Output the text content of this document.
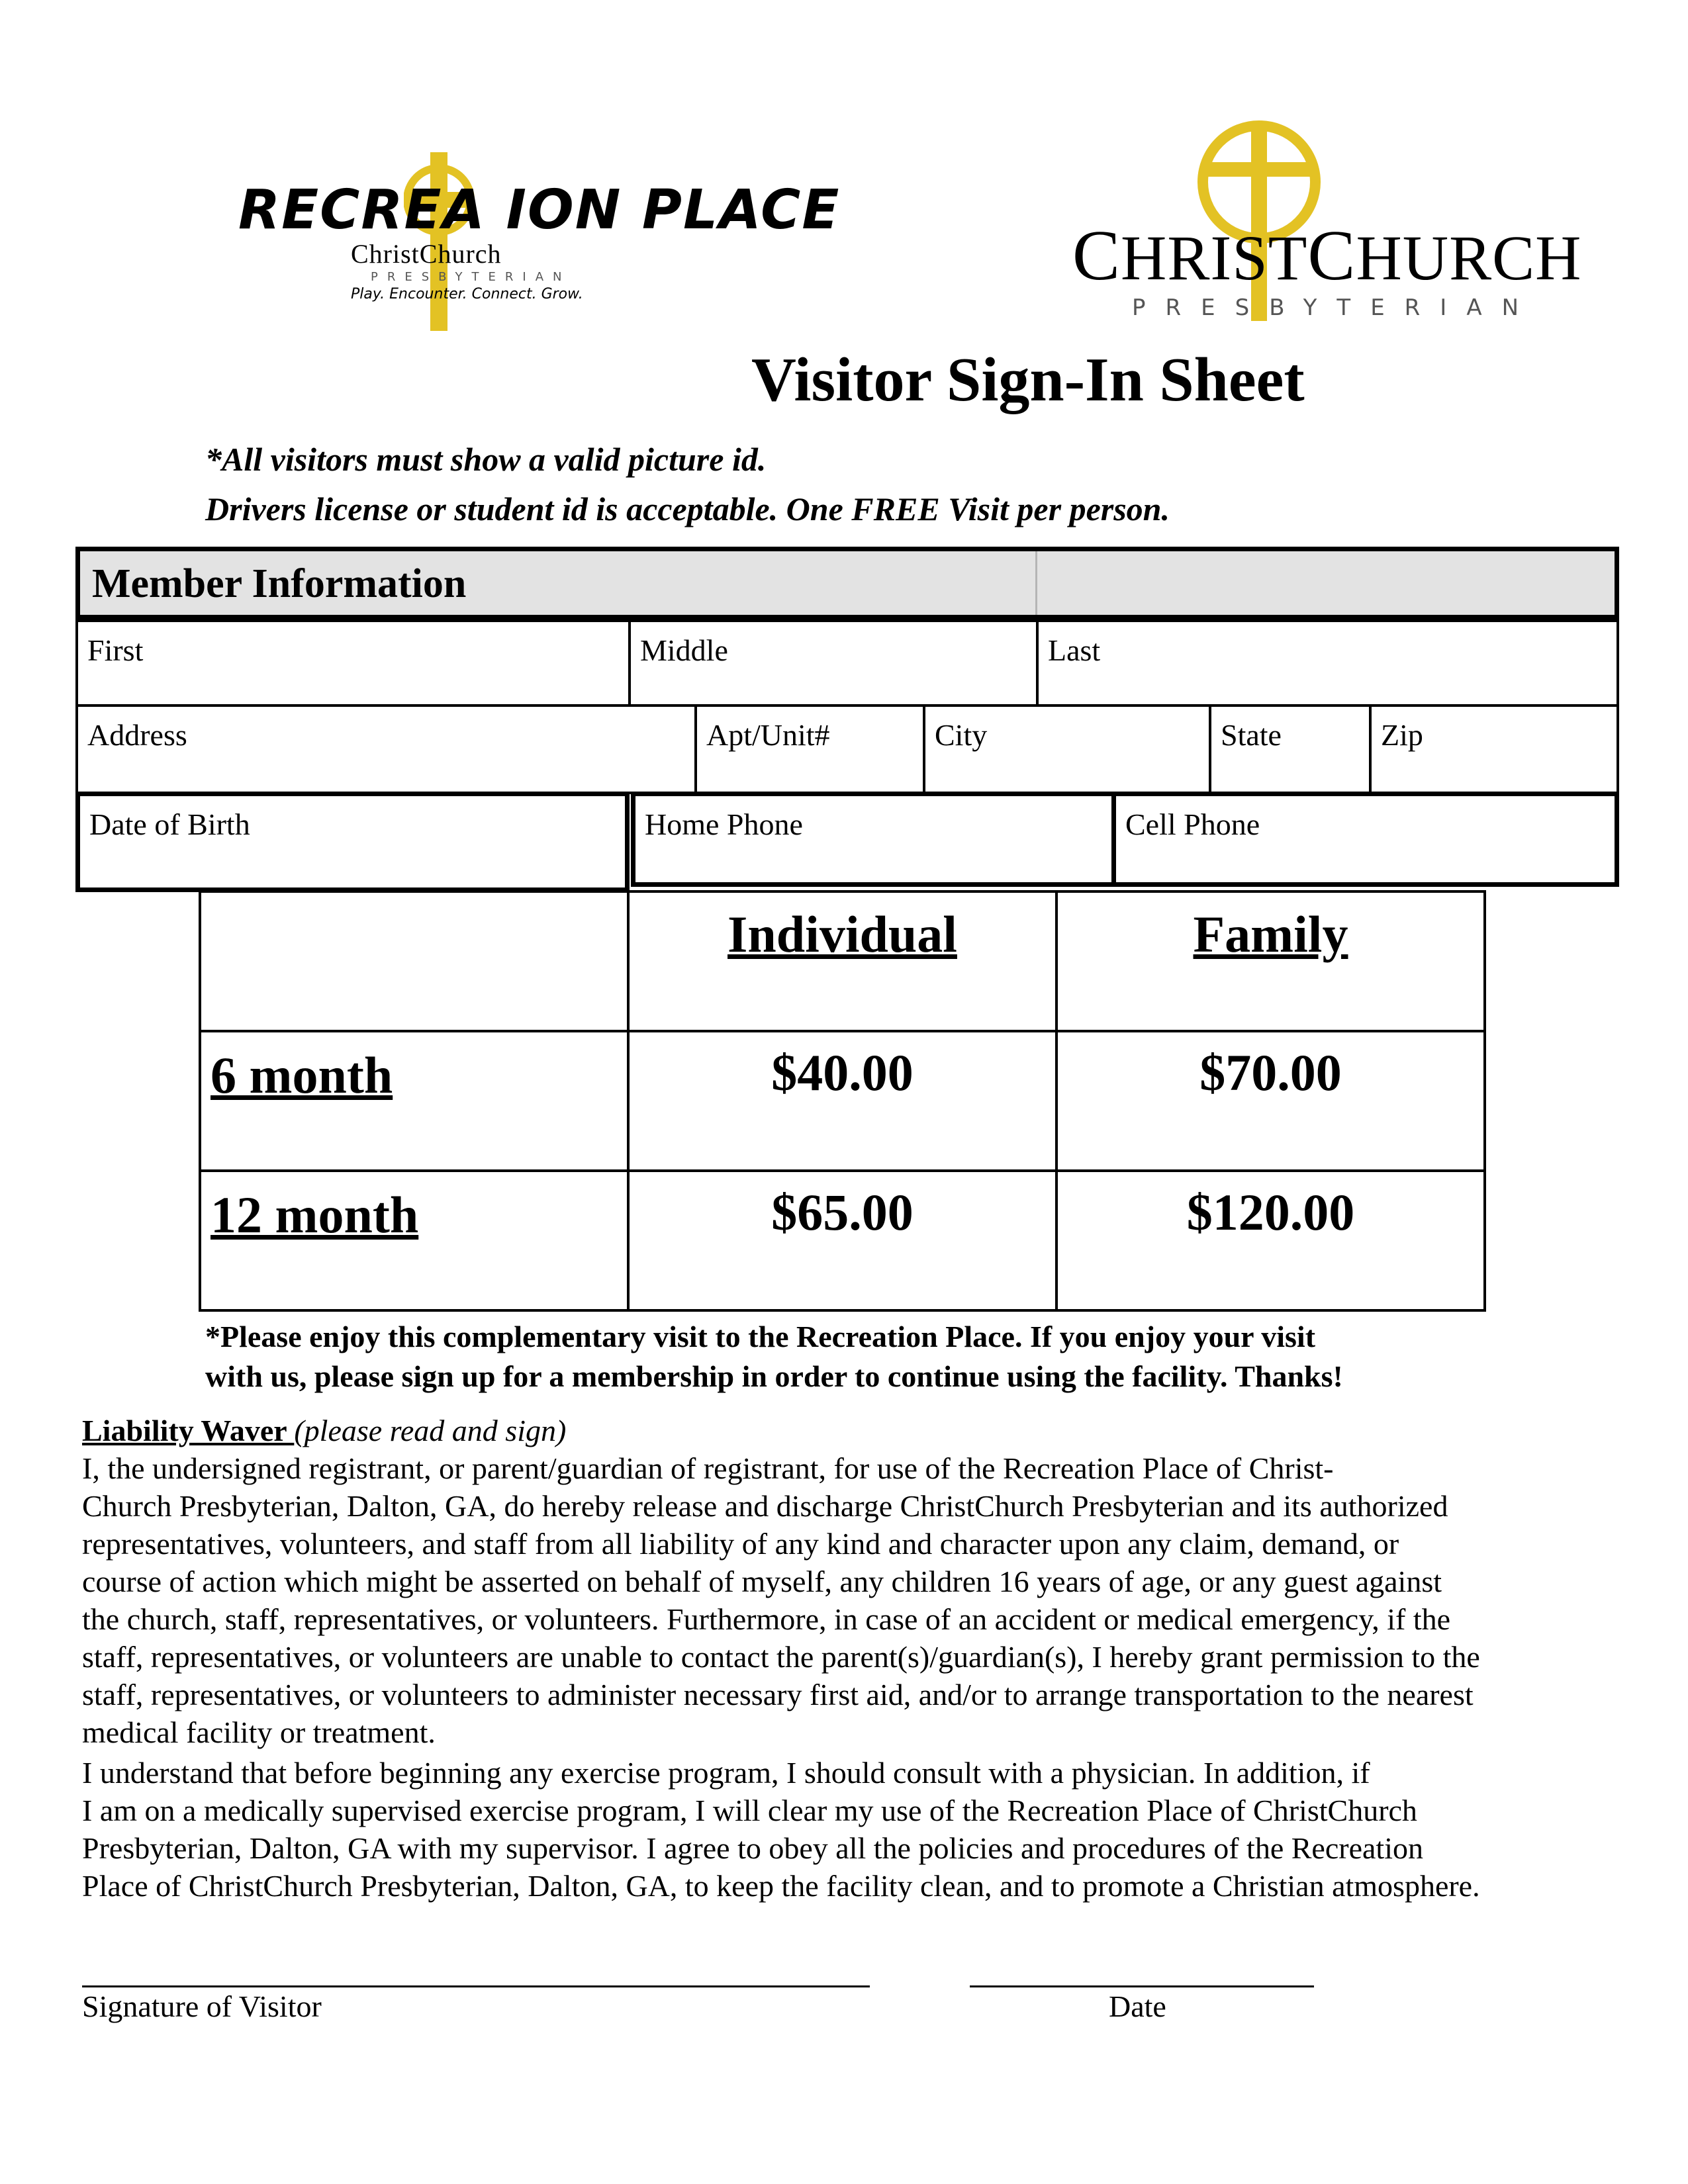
RECREA ION PLACE
ChristChurch
PRESBYTERIAN
Play. Encounter. Connect. Grow.	CHRISTCHURCH
PRESBYTERIAN
Visitor Sign-In Sheet
*All visitors must show a valid picture id.
Drivers license or student id is acceptable. One FREE Visit per person.
Member Information
First	Middle	Last
Address	Apt/Unit#	City	State	Zip
Date of Birth	Home Phone	Cell Phone

	Individual	Family

6 month	$40.00	$70.00

12 month	$65.00	$120.00
*Please enjoy this complementary visit to the Recreation Place. If you enjoy your visit
with us, please sign up for a membership in order to continue using the facility. Thanks!
Liability Waver (please read and sign)
I, the undersigned registrant, or parent/guardian of registrant, for use of the Recreation Place of Christ-
Church Presbyterian, Dalton, GA, do hereby release and discharge ChristChurch Presbyterian and its authorized
representatives, volunteers, and staff from all liability of any kind and character upon any claim, demand, or
course of action which might be asserted on behalf of myself, any children 16 years of age, or any guest against
the church, staff, representatives, or volunteers. Furthermore, in case of an accident or medical emergency, if the
staff, representatives, or volunteers are unable to contact the parent(s)/guardian(s), I hereby grant permission to the
staff, representatives, or volunteers to administer necessary first aid, and/or to arrange transportation to the nearest
medical facility or treatment.
I understand that before beginning any exercise program, I should consult with a physician. In addition, if
I am on a medically supervised exercise program, I will clear my use of the Recreation Place of ChristChurch
Presbyterian, Dalton, GA with my supervisor. I agree to obey all the policies and procedures of the Recreation
Place of ChristChurch Presbyterian, Dalton, GA, to keep the facility clean, and to promote a Christian atmosphere.
Signature of Visitor	Date
